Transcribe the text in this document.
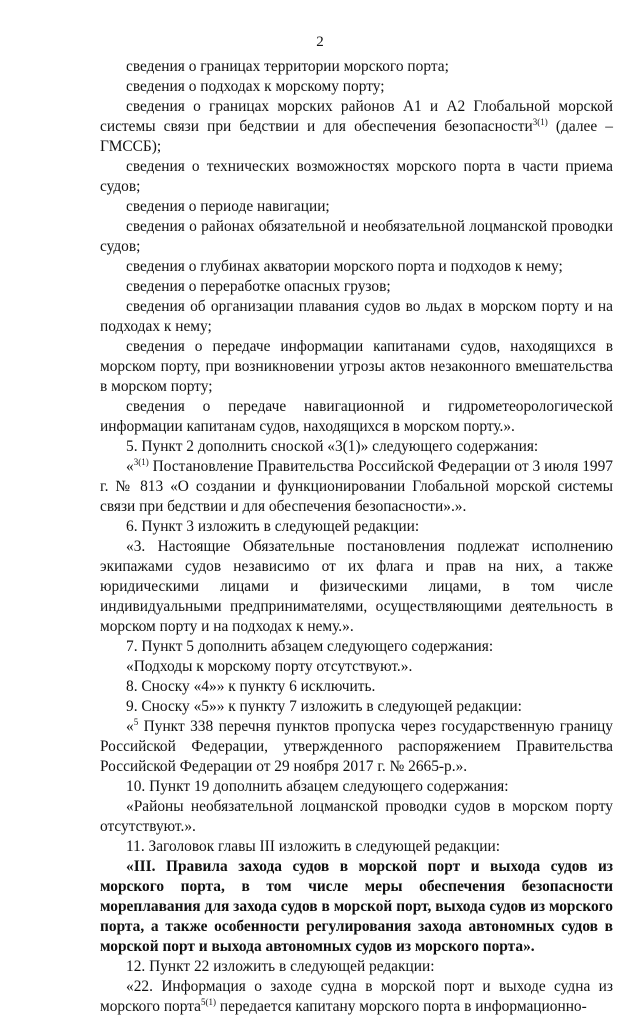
2

сведения о границах территории морского порта;

сведения о подходах к морскому порту;

сведения о границах морских районов A1 и A2 Глобальной морской системы связи при бедствии и для обеспечения безопасности$^{3(1)}$ (далее – ГМССБ);

сведения о технических возможностях морского порта в части приема судов;

сведения о периоде навигации;

сведения о районах обязательной и необязательной лоцманской проводки судов;

сведения о глубинах акватории морского порта и подходов к нему;

сведения о переработке опасных грузов;

сведения об организации плавания судов во льдах в морском порту и на подходах к нему;

сведения о передаче информации капитанами судов, находящихся в морском порту, при возникновении угрозы актов незаконного вмешательства в морском порту;

сведения о передаче навигационной и гидрометеорологической информации капитанам судов, находящихся в морском порту.».

5. Пункт 2 дополнить сноской «3(1)» следующего содержания:

«$^{3(1)}$ Постановление Правительства Российской Федерации от 3 июля 1997 г. № 813 «О создании и функционировании Глобальной морской системы связи при бедствии и для обеспечения безопасности».».

6. Пункт 3 изложить в следующей редакции:

«3. Настоящие Обязательные постановления подлежат исполнению экипажами судов независимо от их флага и прав на них, а также юридическими лицами и физическими лицами, в том числе индивидуальными предпринимателями, осуществляющими деятельность в морском порту и на подходах к нему.».

7. Пункт 5 дополнить абзацем следующего содержания:

«Подходы к морскому порту отсутствуют.».

8. Сноску «4»» к пункту 6 исключить.

9. Сноску «5»» к пункту 7 изложить в следующей редакции:

«$^5$ Пункт 338 перечня пунктов пропуска через государственную границу Российской Федерации, утвержденного распоряжением Правительства Российской Федерации от 29 ноября 2017 г. № 2665-р.».

10. Пункт 19 дополнить абзацем следующего содержания:

«Районы необязательной лоцманской проводки судов в морском порту отсутствуют.».

11. Заголовок главы III изложить в следующей редакции:

«III. Правила захода судов в морской порт и выхода судов из морского порта, в том числе меры обеспечения безопасности мореплавания для захода судов в морской порт, выхода судов из морского порта, а также особенности регулирования захода автономных судов в морской порт и выхода автономных судов из морского порта».

12. Пункт 22 изложить в следующей редакции:

«22. Информация о заходе судна в морской порт и выходе судна из морского порта$^{5(1)}$ передается капитану морского порта в информационно-
